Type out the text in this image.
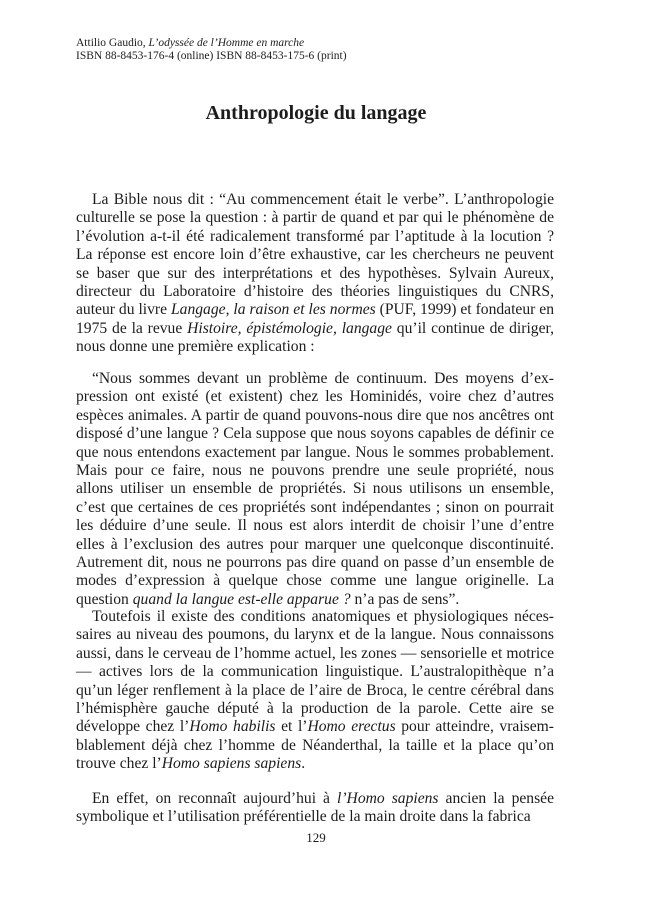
Attilio Gaudio, L’odyssée de l’Homme en marche
ISBN 88-8453-176-4 (online) ISBN 88-8453-175-6 (print)
Anthropologie du langage

La Bible nous dit : “Au commencement était le verbe”. L’anthropologie culturelle se pose la question : à partir de quand et par qui le phénomène de l’évolution a-t-il été radicalement transformé par l’aptitude à la locution ? La réponse est encore loin d’être exhaustive, car les chercheurs ne peuvent se baser que sur des interprétations et des hypothèses. Sylvain Aureux, directeur du Laboratoire d’histoire des théories linguistiques du CNRS, auteur du livre Langage, la raison et les normes (PUF, 1999) et fondateur en 1975 de la revue Histoire, épistémologie, langage qu’il continue de diriger, nous donne une première explication :

“Nous sommes devant un problème de continuum. Des moyens d’expression ont existé (et existent) chez les Hominidés, voire chez d’autres espèces animales. A partir de quand pouvons-nous dire que nos ancêtres ont disposé d’une langue ? Cela suppose que nous soyons capables de définir ce que nous entendons exactement par langue. Nous le sommes probablement. Mais pour ce faire, nous ne pouvons prendre une seule propriété, nous allons utiliser un ensemble de propriétés. Si nous utilisons un ensemble, c’est que certaines de ces propriétés sont indépendantes ; sinon on pourrait les déduire d’une seule. Il nous est alors interdit de choisir l’une d’entre elles à l’exclusion des autres pour marquer une quelconque discontinuité. Autrement dit, nous ne pourrons pas dire quand on passe d’un ensemble de modes d’expression à quelque chose comme une langue originelle. La question quand la langue est-elle apparue ? n’a pas de sens”.

Toutefois il existe des conditions anatomiques et physiologiques nécessaires au niveau des poumons, du larynx et de la langue. Nous connaissons aussi, dans le cerveau de l’homme actuel, les zones — sensorielle et motrice — actives lors de la communication linguistique. L’australopithèque n’a qu’un léger renflement à la place de l’aire de Broca, le centre cérébral dans l’hémisphère gauche député à la production de la parole. Cette aire se développe chez l’Homo habilis et l’Homo erectus pour atteindre, vraisemblablement déjà chez l’homme de Néanderthal, la taille et la place qu’on trouve chez l’Homo sapiens sapiens.

En effet, on reconnaît aujourd’hui à l’Homo sapiens ancien la pensée symbolique et l’utilisation préférentielle de la main droite dans la fabrica

129
